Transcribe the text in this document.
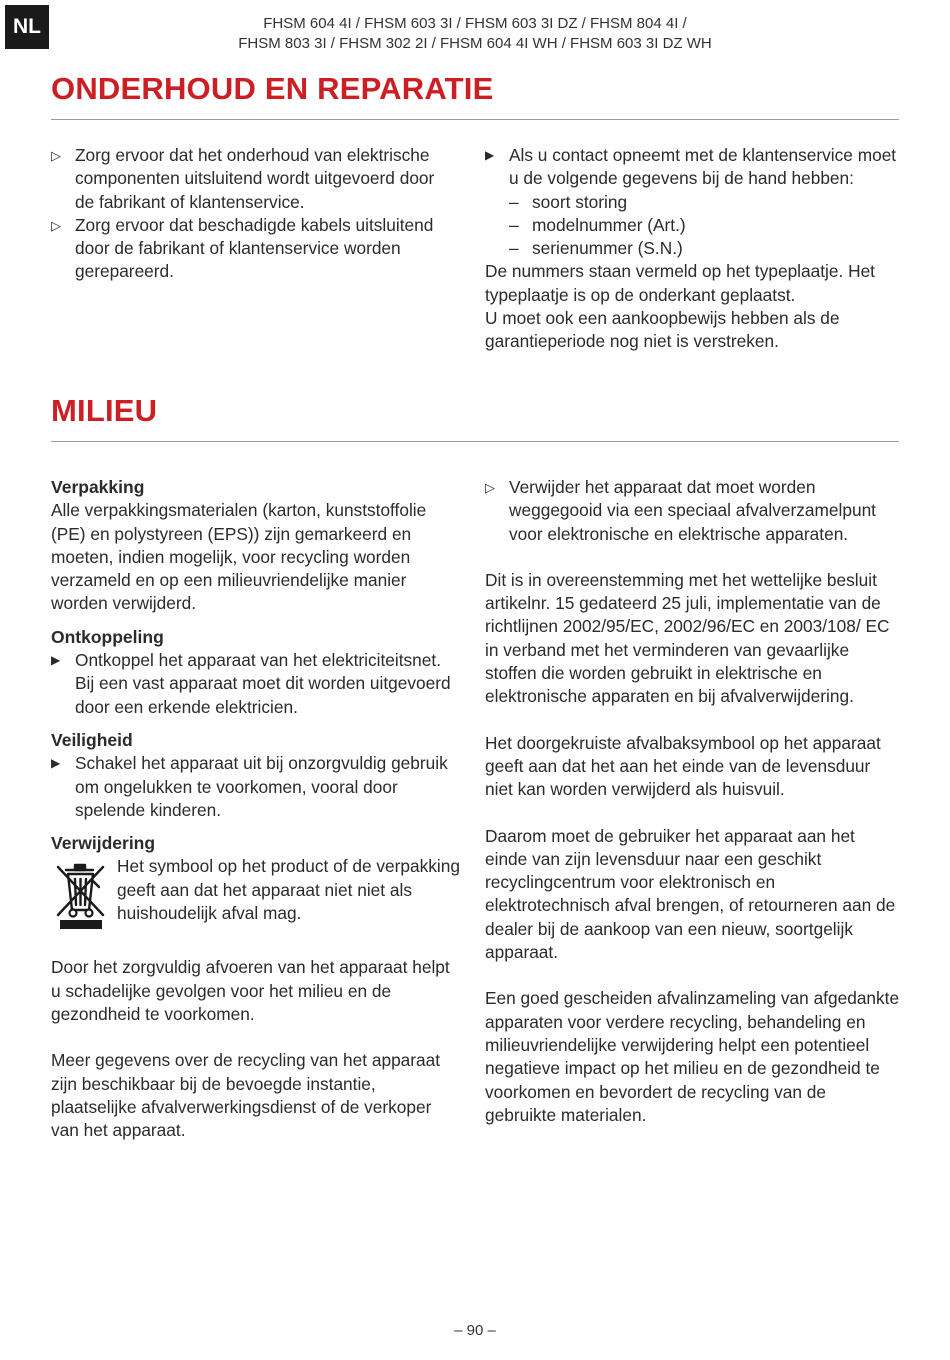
NL	FHSM 604 4I / FHSM 603 3I / FHSM 603 3I DZ / FHSM 804 4I /
FHSM 803 3I / FHSM 302 2I / FHSM 604 4I WH / FHSM 603 3I DZ WH
ONDERHOUD EN REPARATIE
▷ Zorg ervoor dat het onderhoud van elektrische componenten uitsluitend wordt uitgevoerd door de fabrikant of klantenservice.

▷ Zorg ervoor dat beschadigde kabels uitsluitend door de fabrikant of klantenservice worden gerepareerd.

▶ Als u contact opneemt met de klantenservice moet u de volgende gegevens bij de hand hebben:

– soort storing
– modelnummer (Art.)
– serienummer (S.N.)

De nummers staan vermeld op het typeplaatje. Het typeplaatje is op de onderkant geplaatst.

U moet ook een aankoopbewijs hebben als de garantieperiode nog niet is verstreken.

MILIEU
Verpakking

Alle verpakkingsmaterialen (karton, kunststoffolie (PE) en polystyreen (EPS)) zijn gemarkeerd en moeten, indien mogelijk, voor recycling worden verzameld en op een milieuvriendelijke manier worden verwijderd.

Ontkoppeling
▶ Ontkoppel het apparaat van het elektriciteitsnet. Bij een vast apparaat moet dit worden uitgevoerd door een erkende elektricien.

Veiligheid
▶ Schakel het apparaat uit bij onzorgvuldig gebruik om ongelukken te voorkomen, vooral door spelende kinderen.

Verwijdering

Het symbool op het product of de verpakking geeft aan dat het apparaat niet niet als huishoudelijk afval mag.

Door het zorgvuldig afvoeren van het apparaat helpt u schadelijke gevolgen voor het milieu en de gezondheid te voorkomen.

Meer gegevens over de recycling van het apparaat zijn beschikbaar bij de bevoegde instantie, plaatselijke afvalverwerkingsdienst of de verkoper van het apparaat.

▷ Verwijder het apparaat dat moet worden weggegooid via een speciaal afvalverzamelpunt voor elektronische en elektrische apparaten.

Dit is in overeenstemming met het wettelijke besluit artikelnr. 15 gedateerd 25 juli, implementatie van de richtlijnen 2002/95/EC, 2002/96/EC en 2003/108/ EC in verband met het verminderen van gevaarlijke stoffen die worden gebruikt in elektrische en elektronische apparaten en bij afvalverwijdering.

Het doorgekruiste afvalbaksymbool op het apparaat geeft aan dat het aan het einde van de levensduur niet kan worden verwijderd als huisvuil.

Daarom moet de gebruiker het apparaat aan het einde van zijn levensduur naar een geschikt recyclingcentrum voor elektronisch en elektrotechnisch afval brengen, of retourneren aan de dealer bij de aankoop van een nieuw, soortgelijk apparaat.

Een goed gescheiden afvalinzameling van afgedankte apparaten voor verdere recycling, behandeling en milieuvriendelijke verwijdering helpt een potentieel negatieve impact op het milieu en de gezondheid te voorkomen en bevordert de recycling van de gebruikte materialen.

– 90 –
